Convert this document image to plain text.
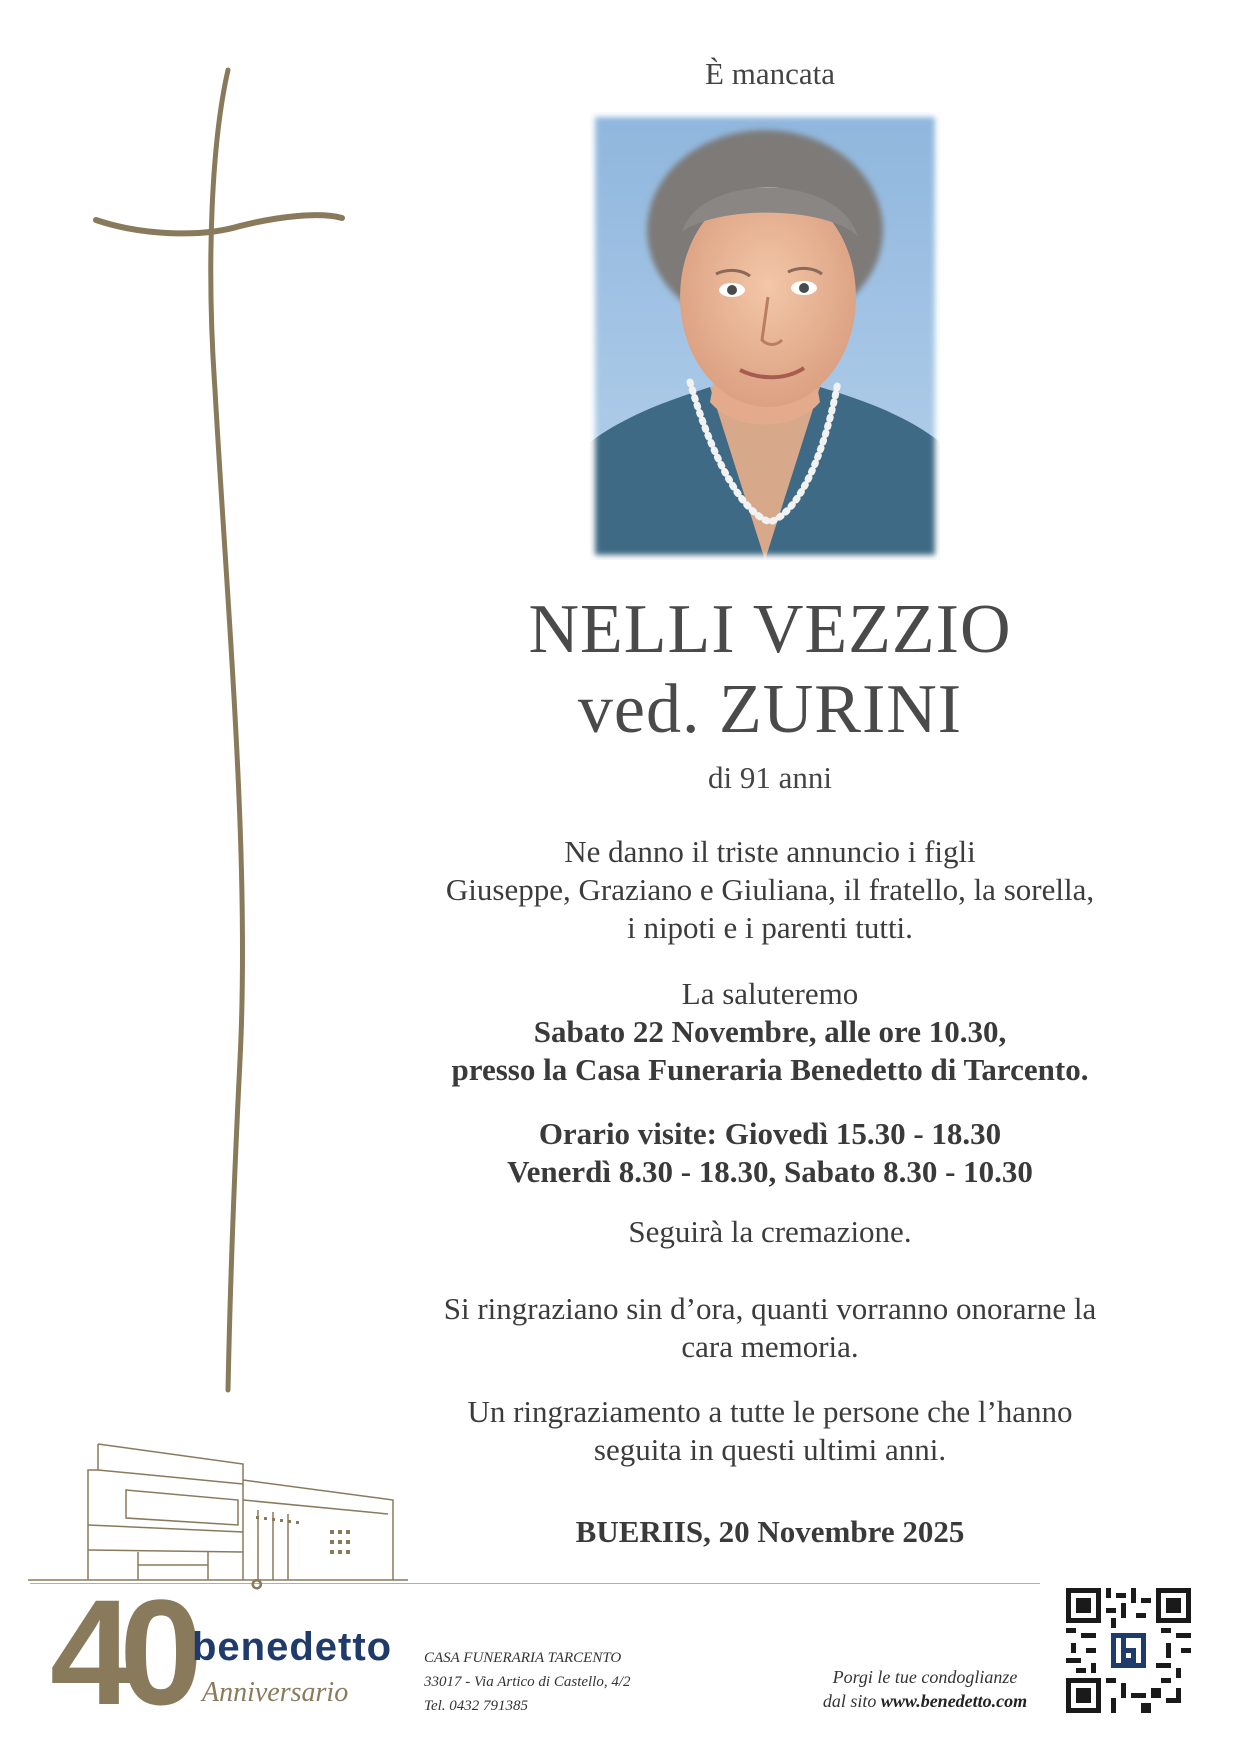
È mancata
NELLI VEZZIO
ved. ZURINI
di 91 anni
Ne danno il triste annuncio i figli
Giuseppe, Graziano e Giuliana, il fratello, la sorella,
i nipoti e i parenti tutti.
La saluteremo
Sabato 22 Novembre, alle ore 10.30,
presso la Casa Funeraria Benedetto di Tarcento.
Orario visite: Giovedì 15.30 - 18.30
Venerdì 8.30 - 18.30, Sabato 8.30 - 10.30
Seguirà la cremazione.
Si ringraziano sin d’ora, quanti vorranno onorarne la
cara memoria.
Un ringraziamento a tutte le persone che l’hanno
seguita in questi ultimi anni.
BUERIIS, 20 Novembre 2025
40 °
benedetto
Anniversario
CASA FUNERARIA TARCENTO
33017 - Via Artico di Castello, 4/2
Tel. 0432 791385
Porgi le tue condoglianze
dal sito www.benedetto.com
